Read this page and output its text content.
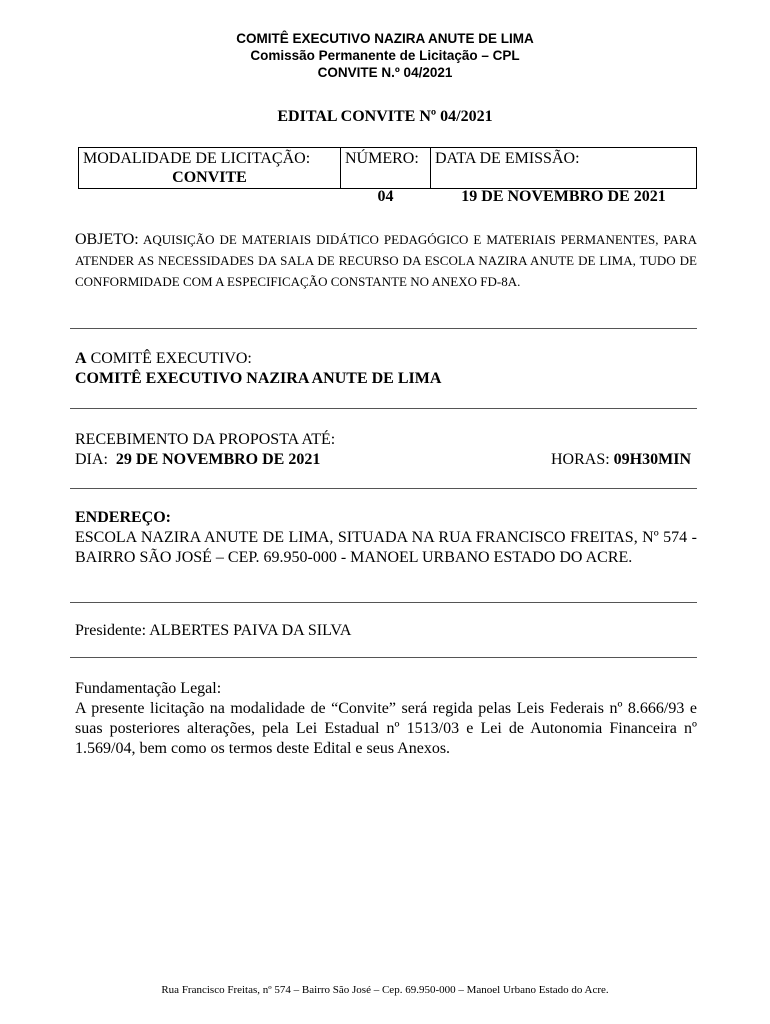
COMITÊ EXECUTIVO NAZIRA ANUTE DE LIMA
Comissão Permanente de Licitação – CPL
CONVITE N.º 04/2021
EDITAL CONVITE Nº 04/2021
MODALIDADE DE LICITAÇÃO:
CONVITE

NÚMERO:
04

DATA DE EMISSÃO:
19 DE NOVEMBRO DE 2021
OBJETO: AQUISIÇÃO DE MATERIAIS DIDÁTICO PEDAGÓGICO E MATERIAIS PERMANENTES, PARA ATENDER AS NECESSIDADES DA SALA DE RECURSO DA ESCOLA NAZIRA ANUTE DE LIMA, TUDO DE CONFORMIDADE COM A ESPECIFICAÇÃO CONSTANTE NO ANEXO FD-8A.
A COMITÊ EXECUTIVO:
COMITÊ EXECUTIVO NAZIRA ANUTE DE LIMA
RECEBIMENTO DA PROPOSTA ATÉ:
DIA: 29 DE NOVEMBRO DE 2021	HORAS: 09H30MIN
ENDEREÇO:
ESCOLA NAZIRA ANUTE DE LIMA, SITUADA NA RUA FRANCISCO FREITAS, Nº 574 - BAIRRO SÃO JOSÉ – CEP. 69.950-000 - MANOEL URBANO ESTADO DO ACRE.
Presidente: ALBERTES PAIVA DA SILVA
Fundamentação Legal:
A presente licitação na modalidade de “Convite” será regida pelas Leis Federais nº 8.666/93 e suas posteriores alterações, pela Lei Estadual nº 1513/03 e Lei de Autonomia Financeira nº 1.569/04, bem como os termos deste Edital e seus Anexos.
Rua Francisco Freitas, nº 574 – Bairro São José – Cep. 69.950-000 – Manoel Urbano Estado do Acre.
